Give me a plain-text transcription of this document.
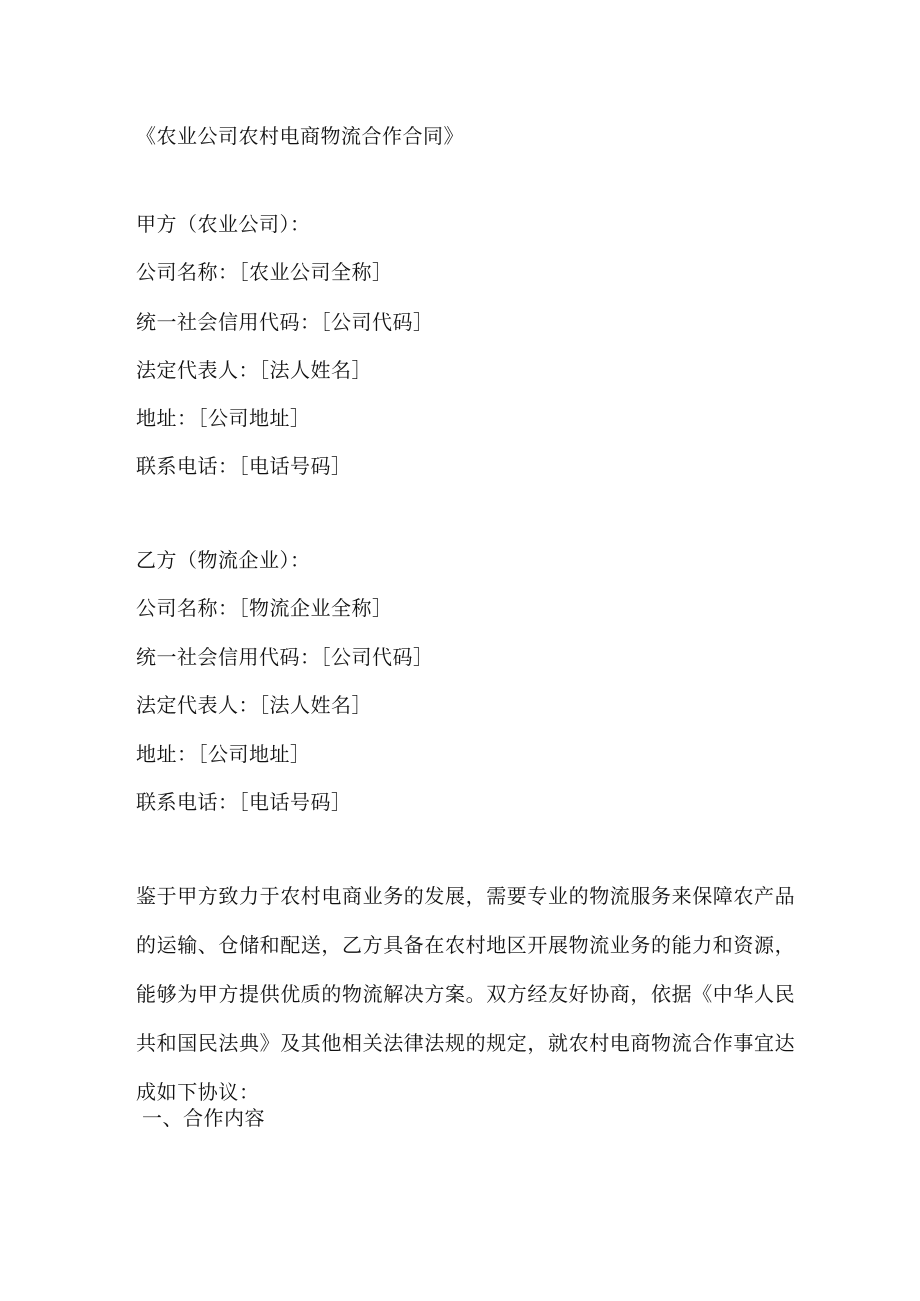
《农业公司农村电商物流合作合同》
甲方（农业公司）：
公司名称：［农业公司全称］
统一社会信用代码：［公司代码］
法定代表人：［法人姓名］
地址：［公司地址］
联系电话：［电话号码］
乙方（物流企业）：
公司名称：［物流企业全称］
统一社会信用代码：［公司代码］
法定代表人：［法人姓名］
地址：［公司地址］
联系电话：［电话号码］
鉴于甲方致力于农村电商业务的发展，需要专业的物流服务来保障农产品
的运输、仓储和配送，乙方具备在农村地区开展物流业务的能力和资源，
能够为甲方提供优质的物流解决方案。双方经友好协商，依据《中华人民
共和国民法典》及其他相关法律法规的规定，就农村电商物流合作事宜达
成如下协议：
一、合作内容
